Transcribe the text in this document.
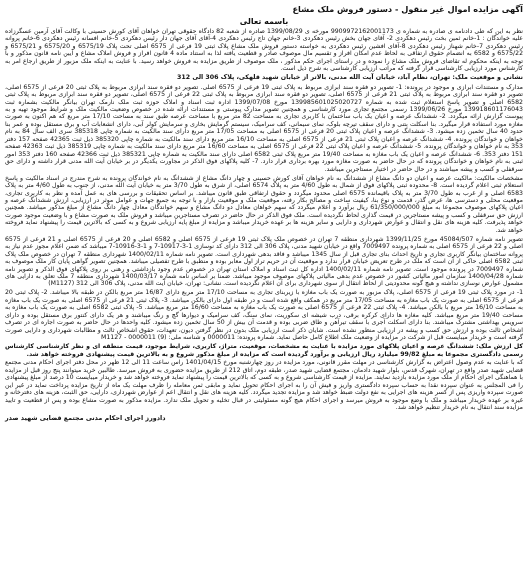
آگهی مزایده اموال غیر منقول - دستور فروش ملک مشاع
باسمه تعالی

نظر به این که طی دادنامه ی صادره به شماره ی 9909972162001173 مورخه ی 1399/08/29 صادره از شعبه 82 دادگاه حقوقی تهران خواهان آقای کورش حسینی با وکالت آقای آرمین عسگرزاده علیه خواندگان : 1-خانم ثمین بخت رئیس دهکردی 2- آقای جهان بخش رئیس دهکردی 3-خانم جهان تاج رئیس دهکردی 4-آقای آقای جهان دار رئیس دهکردی 5-خانم افسانه رئیس دهکردی 6-خانم پروانه رئیس دهکردی 7-خانم شهناز رئیس دهکردی 8-آقای افشین رئیس دهکردی به خواسته دستور فروش ملک مشاع پلاک ثبتی 19 فرعی از 6575 اصلی تحت پلاک 6575/19 و 6575/20 و 6575/21 و 6575/22 و 6582 به انضمام حقوق ارتفاقی به لحاظ عدم امکان افراز و تقسیم مال موصوف صادر و قطعیت یافته لذا به استناد ماده 4 قانون افراز و فروش املاک مشاع و آیین نامه قانون مذکور و با توجه به اینکه محکوم له تقاضای فروش ملک مشاع را نموده و در راستای اجرای حکم مذکور ، ملک موصوف از طریق مزایده به فروش خواهد رسید. با عنایت به اینکه ملک مزبور از طریق ارجاع امر به کارشناس مورد ارزیابی کارشناسی قرار گرفته که مراتب ارزیابی کارشناسی به شرح ذیل است.

نشانی و موقعیت ملک: تهران، نظام آباد، خیابان آیت الله مدنی، بالاتر از خیابان شهید قلهکی، پلاک 306 الی 312

مدارک و مستندات ابرازی و موجود در پرونده: 1- تصویر دو فقره سند ابرازی مربوط به پلاک ثبتی 19 فرعی از 6575 اصلی. تصویر دو فقره سند ابرازی مربوط به پلاک ثبتی 20 فرعی از 6575 اصلی، تصویر دو فقره سند ابرازی مربوط به پلاک ثبتی 21 فرعی از 6575 اصلی، تصویر دو فقره سند ابرازی مربوط به پلاک ثبتی 22 فرعی از 6575 اصلی، تصویر دو فقره سند ابرازی مربوط به پلاک ثبتی 6582 اصلی و تصویر پاسخ استعلام ثبت شده به شماره 139985601025020727 مورخ 1399/07/08 اداره ثبت اسناد و املاک حوزه ثبت ملک نارمک تهران بیانگر مالکیت بشماره ثبت 139918601176043 مورخ 1399/06/26 رسمی مجتمع تجاری مورد کارشناسی و همچنین تصویر مدارک پیوستی و مستندات ارائه شده در خصوص وضعیت مالکیت ملک و شرایط موجود تهیه و به پیوست گزارش ارائه میگردد. 2- ششدانگ عرصه و اعیان یک باب ساختمان با کاربری تجاری به مساحت 82 متر مربع با مساحت عرصه طبق سند به مساحت 17/10 متر مربع که هم اکنون به صورت مغازه مورد استفاده قرار میگیرد. بنا اسکلت بتنی و دارای سقف تیرچه بلوک، نمای سیمانی، کف سرامیک، سیستم گرمایش بخاری و سرمایش کولر آبی، دارای انشعابات آب و برق مستقل بوده و عمر بنا حدود 40 سال تخمین زده میشود. 3- ششدانگ عرصه و اعیان پلاک ثبتی 20 فرعی از 6575 اصلی به مساحت 17/05 متر مربع دارای سند مالکیت به شماره چاپی 385318 سری الف سال 84 به نام خواهان و خواندگان پرونده. 4- ششدانگ عرصه و اعیان پلاک ثبتی 21 فرعی از 6575 اصلی به مساحت 16/10 متر مربع دارای سند مالکیت به شماره چاپی 385320 ذیل ثبت 42365 صفحه 157 دفتر 353 به نام خواهان و خواندگان پرونده. 5- ششدانگ عرصه و اعیان پلاک ثبتی 22 فرعی از 6575 اصلی به مساحت 16/60 متر مربع دارای سند مالکیت به شماره چاپی 385319 ذیل ثبت 42363 صفحه 151 دفتر 353. 6- ششدانگ عرصه و اعیان یک باب مغازه به مساحت 19/40 متر مربع پلاک ثبتی 6582 اصلی دارای سند مالکیت به شماره چاپی 385321 ذیل ثبت 42366 صفحه 160 دفتر 353 امور ثبتی به نام خواهان و خواندگان پرونده که در حال حاضر به صورت مغازه مورد بهره برداری قرار دارد. 7- کلیه پلاکهای فوق الذکر در مجاورت یکدیگر در بر خیابان آیت الله مدنی قرار داشته و دارای حق سرقفلی و کسب و پیشه میباشند و در حال حاضر در اختیار مستاجرین میباشد.

مشخصات مالکیت: مالکیت عرصه و اعیان دو دانگ مشاع از ششدانگ به نام خواهان آقای کورش حسینی و چهار دانگ مشاع از ششدانگ به نام خواندگان پرونده به شرح مندرج در اسناد مالکیت و پاسخ استعلام ثبتی اعلام گردیده است. 8- محدوده ثبتی پلاکهای فوق از شمال به طول 4/60 متر به پلاک 6574 اصلی، از شرق به طول 3/70 متر به خیابان آیت الله مدنی، از جنوب به طول 4/60 متر به پلاک 6583 اصلی و از غرب به طول 3/70 متر به پلاک باقیمانده 6575 اصلی محدود میگردد و حقوق ارتفاقی طبق قانون میباشد. بر اساس تحقیقات و بررسی های به عمل آمده و نظر به کاربری تجاری، موقعیت محلی و دسترسی ها، عرض گذر، قدمت و نوع بنا، کیفیت ساخت و مصالح بکار رفته، موقعیت ملک و موقعیت بازار و با توجه به جمیع جهات و عوامل موثر در ارزیابی، ارزش ششدانگ عرصه و اعیان پلاکهای موصوف مجموعا به مبلغ 61/350/000/000 ریال برآورد و اعلام میگردد که سهم خواهان معادل دو دانگ مشاع و سهم خواندگان معادل چهار دانگ مشاع از مبلغ مذکور میباشد. همچنین ارزش حق سرقفلی و کسب و پیشه مستاجرین در قیمت گذاری لحاظ نگردیده است. ملک فوق الذکر در حال حاضر در تصرف مستاجرین میباشد و فروش ملک به صورت مشاع و با وضعیت موجود صورت خواهد پذیرفت. کلیه هزینه های نقل و انتقال و عوارض شهرداری و دارایی و سایر هزینه ها بر عهده خریدار میباشد و مزایده از مبلغ پایه ارزیابی شروع و به کسی که بالاترین قیمت را پیشنهاد نماید فروخته خواهد شد.

تصویر نامه شماره 45084/507 مورخ 1399/11/25 شهرداری منطقه 7 تهران در خصوص ملک پلاک ثبتی 19 فرعی از 6575 اصلی و 6582 اصلی و 20 فرعی از 6575 اصلی و 21 فرعی از 6575 اصلی و 22 فرعی از 6575 اصلی به شماره پرونده 7009497 واقع در خیابان شهید مدنی، پلاک 306 الی 312 دارای کد نوسازی 1-3-10917-7 و 1-3-10916-7 میباشد که ضمن اعلام مجوز عدم نیاز به پروانه ساختمان بیانگر کاربری تجاری و تاریخ احداث بنای تجاری قبل از سال 1345 میباشد و فاقد بدهی شهرداری است. تصویر نامه شماره 1400/02/11 شهرداری منطقه 7 تهران در خصوص ملک پلاک ثبتی 6582 اصلی حاکی از آن است که ملک در طرح تعریض خیابان قرار ندارد و موقعیت آن در حریم تراز اول معابر بوده و منطبق با طرح تفصیلی میباشد. همچنین تصویر گواهی پایان کار ملک موصوف به شماره 7009497 در پرونده موجود است. تصویر نامه شماره 1400/02/11 اداره کل ثبت اسناد و املاک استان تهران در خصوص عدم وجود بازداشتی و رهنی بر روی پلاکهای فوق الذکر و تصویر نامه شماره 1400/04/28 سازمان امور مالیاتی کشور در خصوص عدم بدهی مالیاتی پلاکهای موصوف موجود میباشد. ضمنا بر اساس نامه شماره 1400/03/17 شهرداری منطقه 7 ملک تعلق به دارایی های مشمول عوارض نوسازی نداشته و هیچ گونه محدودیتی از لحاظ انتقال از سوی شهرداری برای آن اعلام نگردیده است. نشانی: تهران، خیابان آیت الله مدنی، پلاک 306 الی 312 (M1127)

1- در مورد پلاک ثبتی 19 فرعی از 6575 اصلی، پلاک مزبور به صورت یک باب مغازه با زیربنای تجاری به مساحت 17/10 متر مربع دارای 16/87 متر مربع بالکن در طبقه بالا میباشد. 2- پلاک ثبتی 20 فرعی از 6575 اصلی به صورت یک باب مغازه به مساحت 17/05 متر مربع در همکف واقع شده است و در طبقه اول دارای بالکن میباشد. 3- پلاک ثبتی 21 فرعی از 6575 اصلی به صورت یک باب مغازه به مساحت 16/10 متر مربع با بالکن میباشد. 4- پلاک ثبتی 22 فرعی از 6575 اصلی به صورت یک باب مغازه به مساحت 16/60 متر مربع میباشد. 5- پلاک ثبتی 6582 اصلی به صورت یک باب مغازه به مساحت 19/40 متر مربع میباشد. کلیه مغازه ها دارای کرکره برقی، درب شیشه ای سکوریت، نمای سنگ، کف سرامیک و دیوارها گچ و رنگ میباشند و هر یک دارای کنتور برق مستقل بوده و دارای سرویس بهداشتی مشترک میباشند. بنا دارای اسکلت آجری با سقف تیرآهن و طاق ضربی بوده و قدمت آن بیش از 50 سال تخمین زده میشود. کلیه واحدها در حال حاضر به صورت اجاره ای در تصرف اشخاص ثالث بوده و ارزش حق کسب و پیشه در ارزیابی منظور نشده است. شایان ذکر است ارزیابی ملک بدون در نظر گرفتن دیون، تعهدات، حقوق اشخاص ثالث و مطالبات شهرداری و دارایی صورت گرفته است و خریدار میبایست قبل از شرکت در مزایده از وضعیت ملک اطلاع کامل حاصل نماید. شماره پرونده: 0000011 و شناسه ملی: M1127 - 0000011 (9)

کل ارزش ملک: ششدانگ عرصه و اعیان پلاکهای مورد مزایده با عنایت به مشخصات، موقعیت، متراژ، کاربری، شرایط موجود، قیمت منطقه ای و نظر کارشناسی کارشناس رسمی دادگستری مجموعا به مبلغ 99/82 میلیارد ریال ارزیابی و برآورد گردیده است که مزایده از مبلغ مذکور شروع و به بالاترین قیمت پیشنهادی فروخته خواهد شد.

که با عنایت به عدم وصول اعتراض به گزارش کارشناسی در مهلت مقرر قانونی، مورد مزایده در روز چهارشنبه مورخ 1401/04/15 راس ساعت 11 الی 12 ظهر در محل دفتر اجرای احکام مدنی مجتمع قضایی شهید صدر واقع در تهران، شهرک قدس، بلوار شهید دادمان، مجتمع قضایی شهید صدر، طبقه دوم، اتاق 212 از طریق مزایده حضوری به فروش میرسد. طالبین خرید میتوانند پنج روز قبل از مزایده با هماهنگی اجرای احکام از ملک مورد مزایده بازدید نمایند. مزایده از قیمت کارشناسی شروع و به کسی که بالاترین قیمت را پیشنهاد نماید فروخته خواهد شد و خریدار میبایست 10 درصد از مبلغ پیشنهادی را فی المجلس به عنوان سپرده نقدا به حساب سپرده دادگستری واریز و فیش آن را به اجرای احکام تحویل نماید و مابقی ثمن معامله را ظرف مهلت یک ماه از تاریخ مزایده پرداخت نماید در غیر این صورت سپرده واریزی پس از کسر هزینه های اجرایی به نفع دولت ضبط خواهد شد و مزایده تجدید میگردد. کلیه هزینه های نقل و انتقال اعم از عوارض شهرداری، دارایی، حق الثبت، هزینه های دفترخانه و غیره بر عهده خریدار میباشد و ملک با وضع موجود به فروش میرسد و اجرای احکام هیچ گونه مسئولیتی در قبال تخلیه و تحویل ملک ندارد. مزایده مذکور به صورت مشاع بوده و پس از قطعیت و تایید مزایده سند انتقال به نام خریدار تنظیم خواهد شد.

دادورز اجرای احکام مدنی مجتمع قضایی شهید صدر
